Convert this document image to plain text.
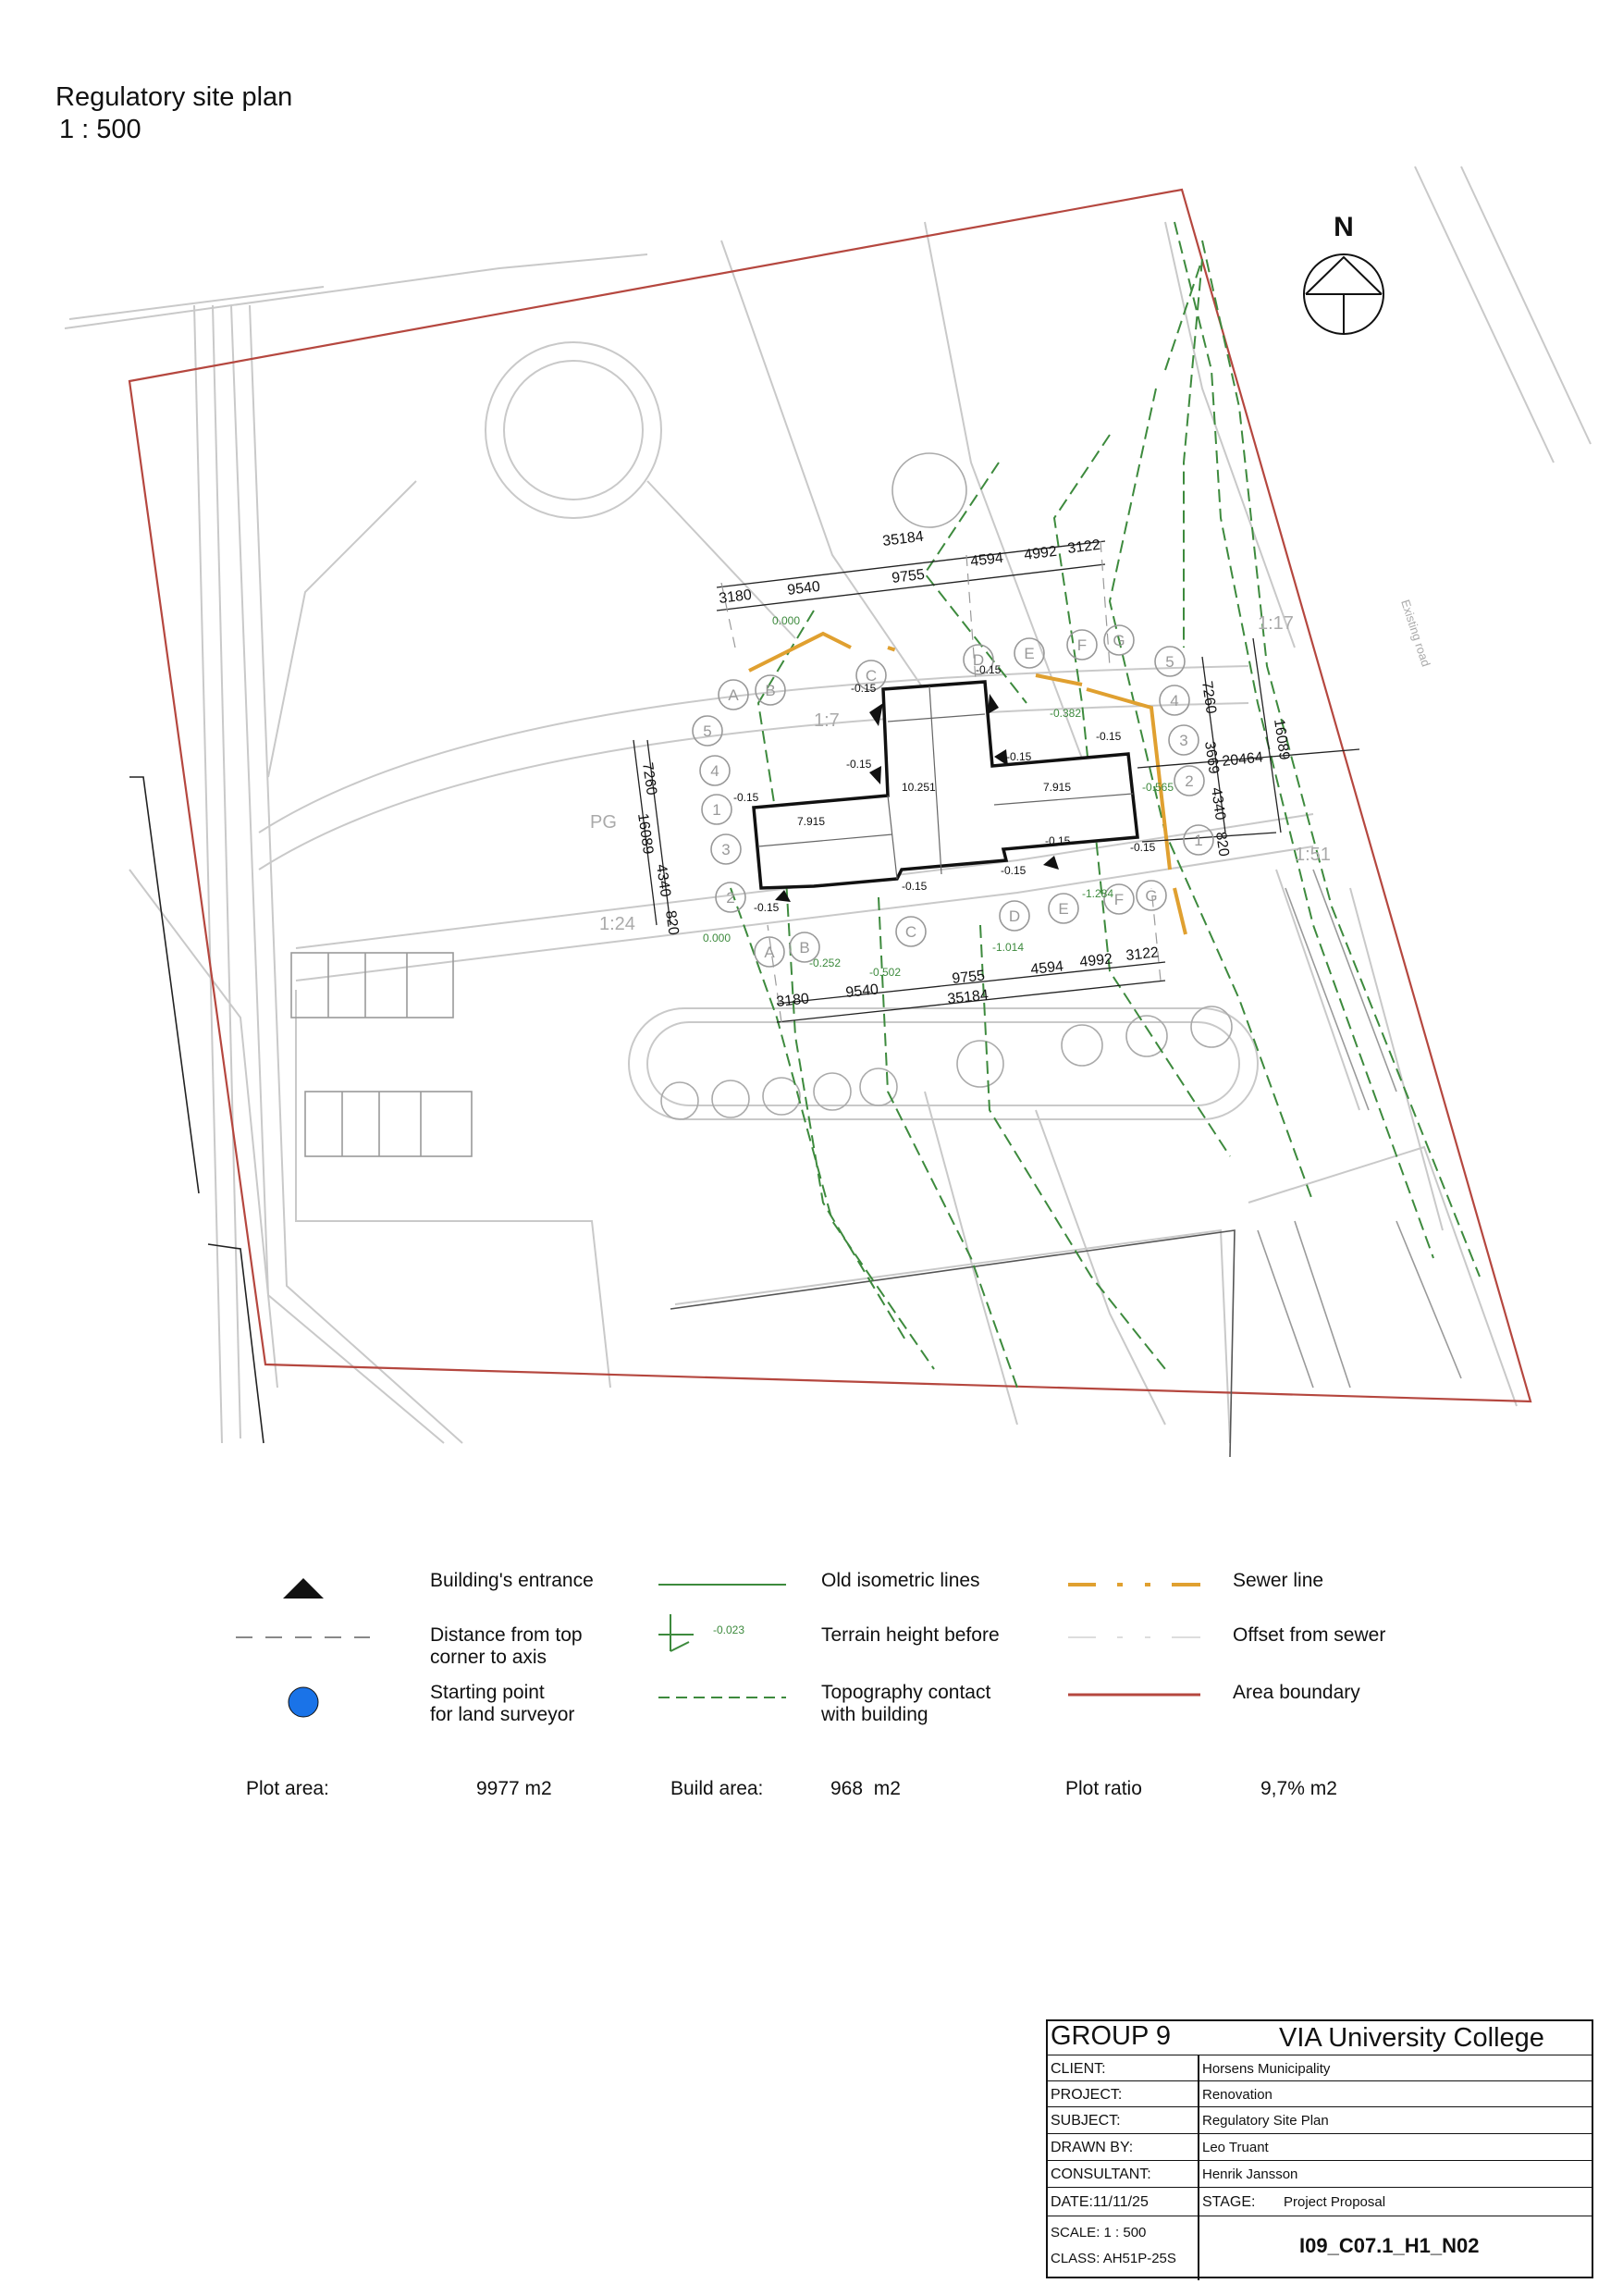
Regulatory site plan
1 : 500
A B
C
D	E	F G
A B
C
D E
F G
5
4
3
2
1
5
4
3
2
1
35184
3180 9540
9755
4594 4992 3122
35184
3180 9540
9755	4594 4992 3122
7260
16089
4340
820
7260
3669
4340
820
20464 16089
-0.15
-0.15
-0.15
-0.15
-0.15
-0.15
-0.15
-0.15
-0.15
-0.15
-0.15
7.915
10.251	7.915
0.000
-0.382
0.000
-0.252
-0.502
-1.014
-1.284
-0.565
PG
1:7
1:17
1:24
1:51
Existing road
N
-0.023
Building's entrance
Distance from top
corner to axis
Starting point
for land surveyor
Old isometric lines
Terrain height before
Topography contact
with building
Sewer line
Offset from sewer
Area boundary
Plot area:	9977 m2	Build area:	968  m2	Plot ratio	9,7% m2
GROUP 9	VIA University College
CLIENT:	Horsens Municipality
PROJECT:	Renovation
SUBJECT:	Regulatory Site Plan
DRAWN BY:	Leo Truant
CONSULTANT:	Henrik Jansson
DATE:11/11/25	STAGE: Project Proposal
SCALE: 1 : 500
CLASS: AH51P-25S
I09_C07.1_H1_N02
